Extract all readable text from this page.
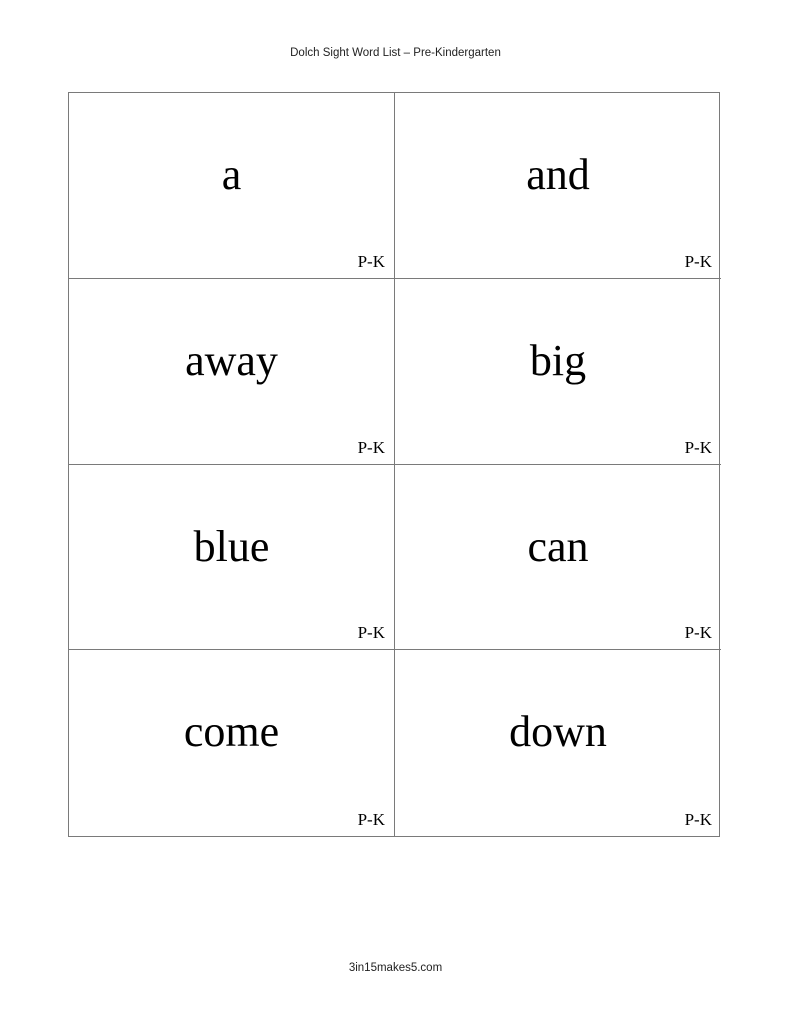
Dolch Sight Word List – Pre-Kindergarten
a
P-K
and
P-K
away
P-K
big
P-K
blue
P-K
can
P-K
come
P-K
down
P-K
3in15makes5.com
